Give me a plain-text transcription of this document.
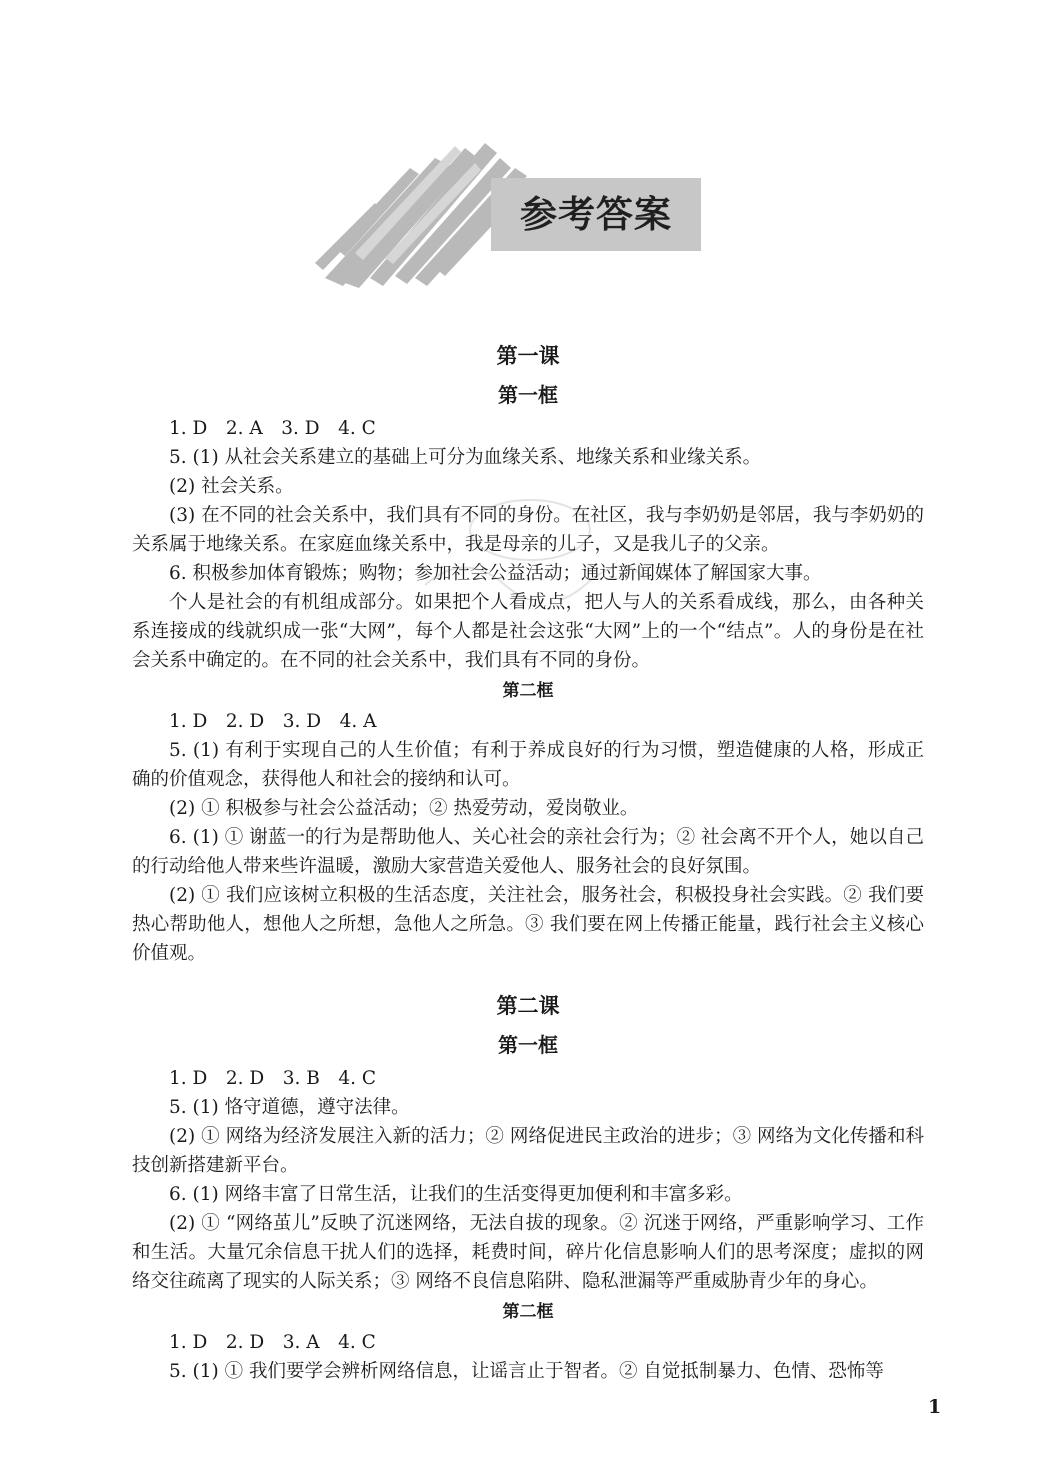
参考答案
第一课
第一框

1. D　2. A　3. D　4. C

5. (1) 从社会关系建立的基础上可分为血缘关系、地缘关系和业缘关系。

(2) 社会关系。

(3) 在不同的社会关系中，我们具有不同的身份。在社区，我与李奶奶是邻居，我与李奶奶的关系属于地缘关系。在家庭血缘关系中，我是母亲的儿子，又是我儿子的父亲。

6. 积极参加体育锻炼；购物；参加社会公益活动；通过新闻媒体了解国家大事。

个人是社会的有机组成部分。如果把个人看成点，把人与人的关系看成线，那么，由各种关系连接成的线就织成一张“大网”，每个人都是社会这张“大网”上的一个“结点”。人的身份是在社会关系中确定的。在不同的社会关系中，我们具有不同的身份。

第二框

1. D　2. D　3. D　4. A

5. (1) 有利于实现自己的人生价值；有利于养成良好的行为习惯，塑造健康的人格，形成正确的价值观念，获得他人和社会的接纳和认可。

(2) ① 积极参与社会公益活动；② 热爱劳动，爱岗敬业。

6. (1) ① 谢蓝一的行为是帮助他人、关心社会的亲社会行为；② 社会离不开个人，她以自己的行动给他人带来些许温暖，激励大家营造关爱他人、服务社会的良好氛围。

(2) ① 我们应该树立积极的生活态度，关注社会，服务社会，积极投身社会实践。② 我们要热心帮助他人，想他人之所想，急他人之所急。③ 我们要在网上传播正能量，践行社会主义核心价值观。

第二课
第一框

1. D　2. D　3. B　4. C

5. (1) 恪守道德，遵守法律。

(2) ① 网络为经济发展注入新的活力；② 网络促进民主政治的进步；③ 网络为文化传播和科技创新搭建新平台。

6. (1) 网络丰富了日常生活，让我们的生活变得更加便利和丰富多彩。

(2) ① “网络茧儿”反映了沉迷网络，无法自拔的现象。② 沉迷于网络，严重影响学习、工作和生活。大量冗余信息干扰人们的选择，耗费时间，碎片化信息影响人们的思考深度；虚拟的网络交往疏离了现实的人际关系；③ 网络不良信息陷阱、隐私泄漏等严重威胁青少年的身心。

第二框

1. D　2. D　3. A　4. C

5. (1) ① 我们要学会辨析网络信息，让谣言止于智者。② 自觉抵制暴力、色情、恐怖等

1
